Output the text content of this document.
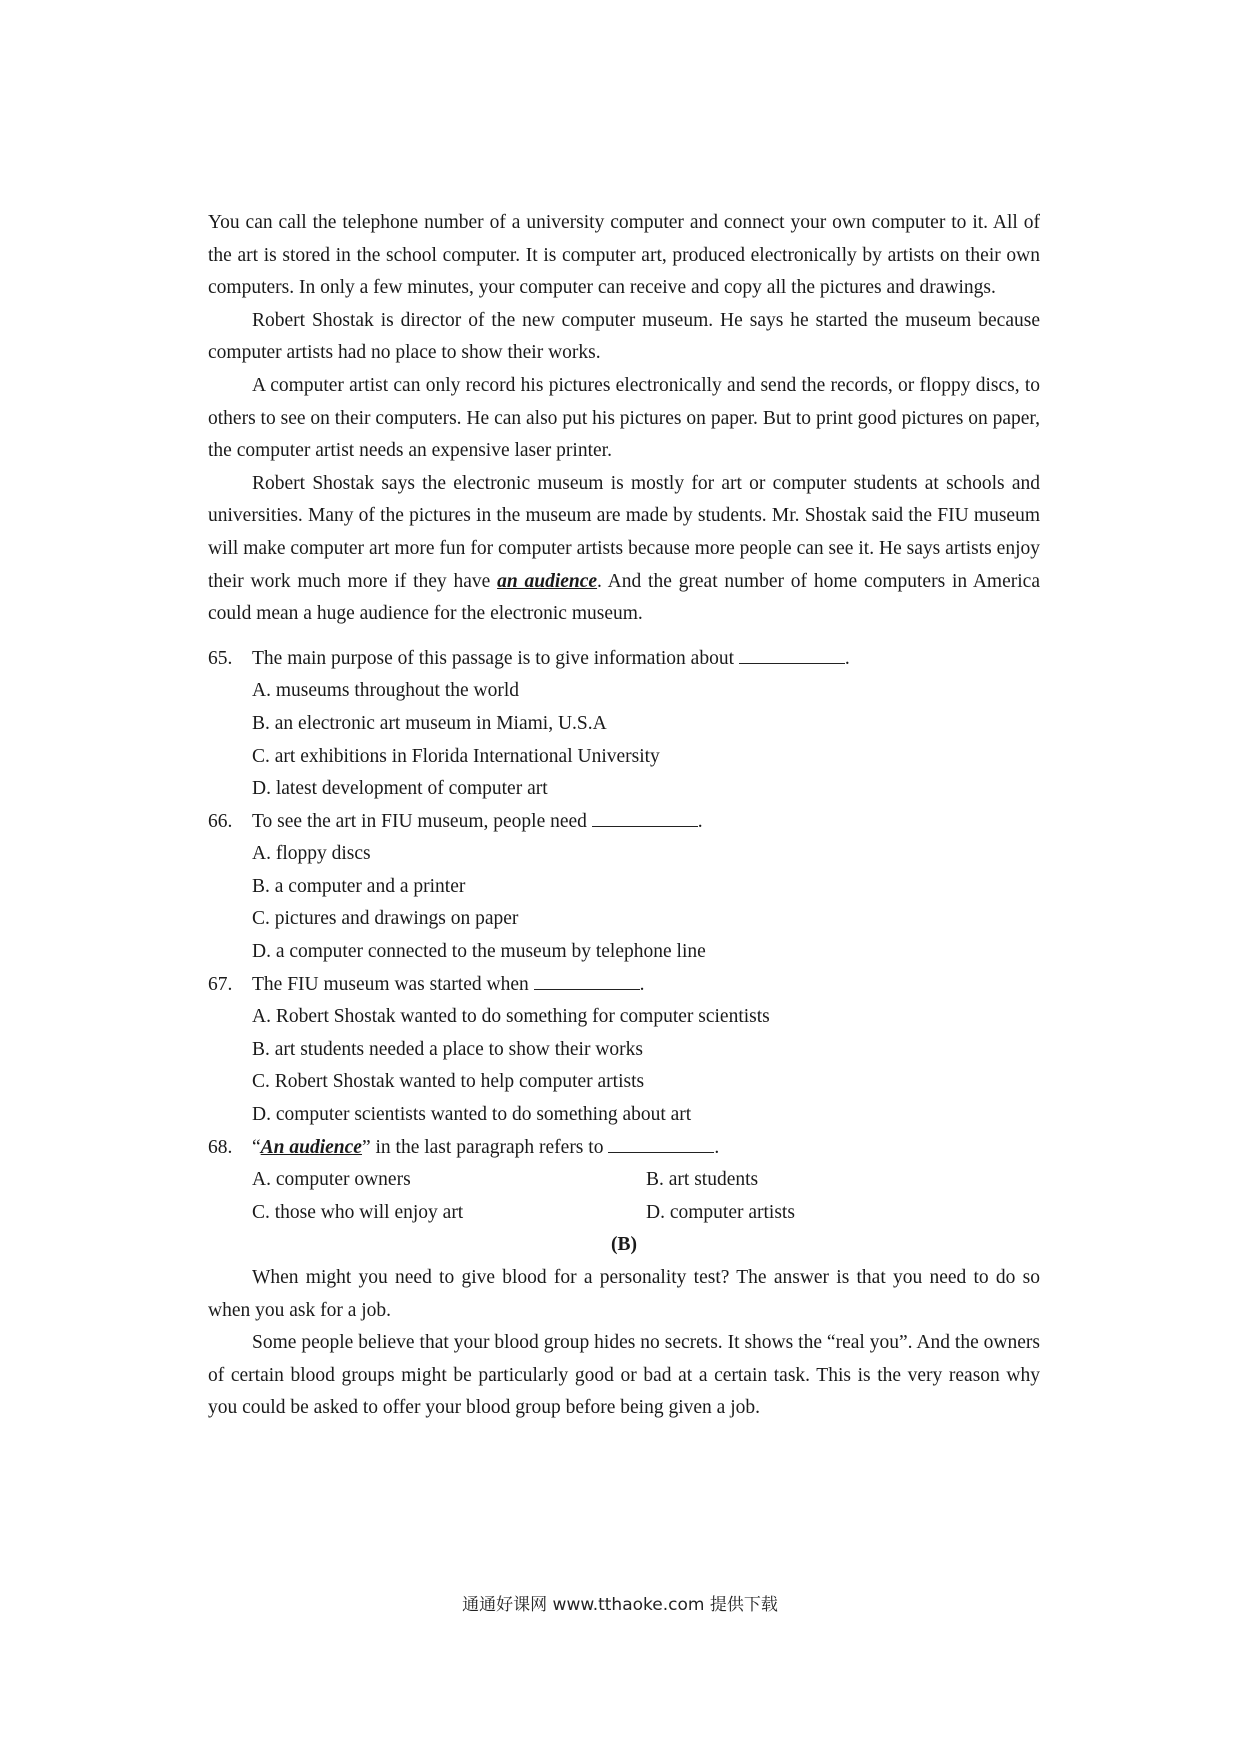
You can call the telephone number of a university computer and connect your own computer to it. All of the art is stored in the school computer. It is computer art, produced electronically by artists on their own computers. In only a few minutes, your computer can receive and copy all the pictures and drawings.

Robert Shostak is director of the new computer museum. He says he started the museum because computer artists had no place to show their works.

A computer artist can only record his pictures electronically and send the records, or floppy discs, to others to see on their computers. He can also put his pictures on paper. But to print good pictures on paper, the computer artist needs an expensive laser printer.

Robert Shostak says the electronic museum is mostly for art or computer students at schools and universities. Many of the pictures in the museum are made by students. Mr. Shostak said the FIU museum will make computer art more fun for computer artists because more people can see it. He says artists enjoy their work much more if they have an audience. And the great number of home computers in America could mean a huge audience for the electronic museum.

65. The main purpose of this passage is to give information about	.

A. museums throughout the world

B. an electronic art museum in Miami, U.S.A

C. art exhibitions in Florida International University

D. latest development of computer art

66. To see the art in FIU museum, people need	.

A. floppy discs

B. a computer and a printer

C. pictures and drawings on paper

D. a computer connected to the museum by telephone line

67. The FIU museum was started when	.

A. Robert Shostak wanted to do something for computer scientists

B. art students needed a place to show their works

C. Robert Shostak wanted to help computer artists

D. computer scientists wanted to do something about art

68. “An audience” in the last paragraph refers to	.

A. computer owners	B. art students
C. those who will enjoy art	D. computer artists

(B)

When might you need to give blood for a personality test? The answer is that you need to do so when you ask for a job.

Some people believe that your blood group hides no secrets. It shows the “real you”. And the owners of certain blood groups might be particularly good or bad at a certain task. This is the very reason why you could be asked to offer your blood group before being given a job.

通通好课网 www.tthaoke.com 提供下载
